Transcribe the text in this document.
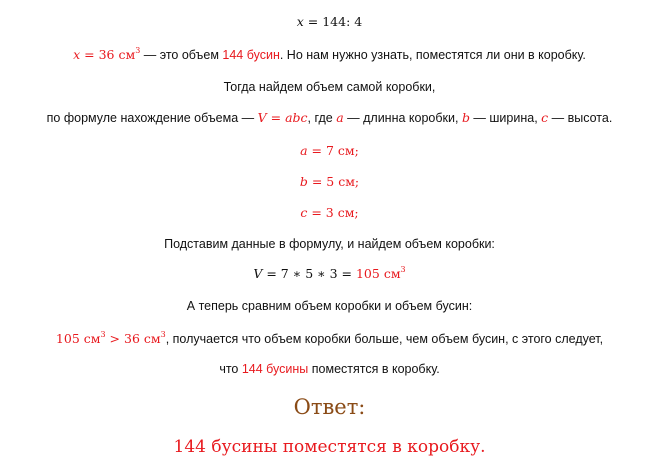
x = 144: 4
x = 36 $см^3$ — это объем 144 бусин. Но нам нужно узнать, поместятся ли они в коробку.
Тогда найдем объем самой коробки,
по формуле нахождение объема — V = abc, где a — длинна коробки, b — ширина, c — высота.
a = 7 см;
b = 5 см;
c = 3 см;
Подставим данные в формулу, и найдем объем коробки:
V = 7 ∗ 5 ∗ 3 = 105 $см^3$
А теперь сравним объем коробки и объем бусин:
105 $см^3 > 36$ $см^3$, получается что объем коробки больше, чем объем бусин, с этого следует,
что 144 бусины поместятся в коробку.
Ответ:
144 бусины поместятся в коробку.
